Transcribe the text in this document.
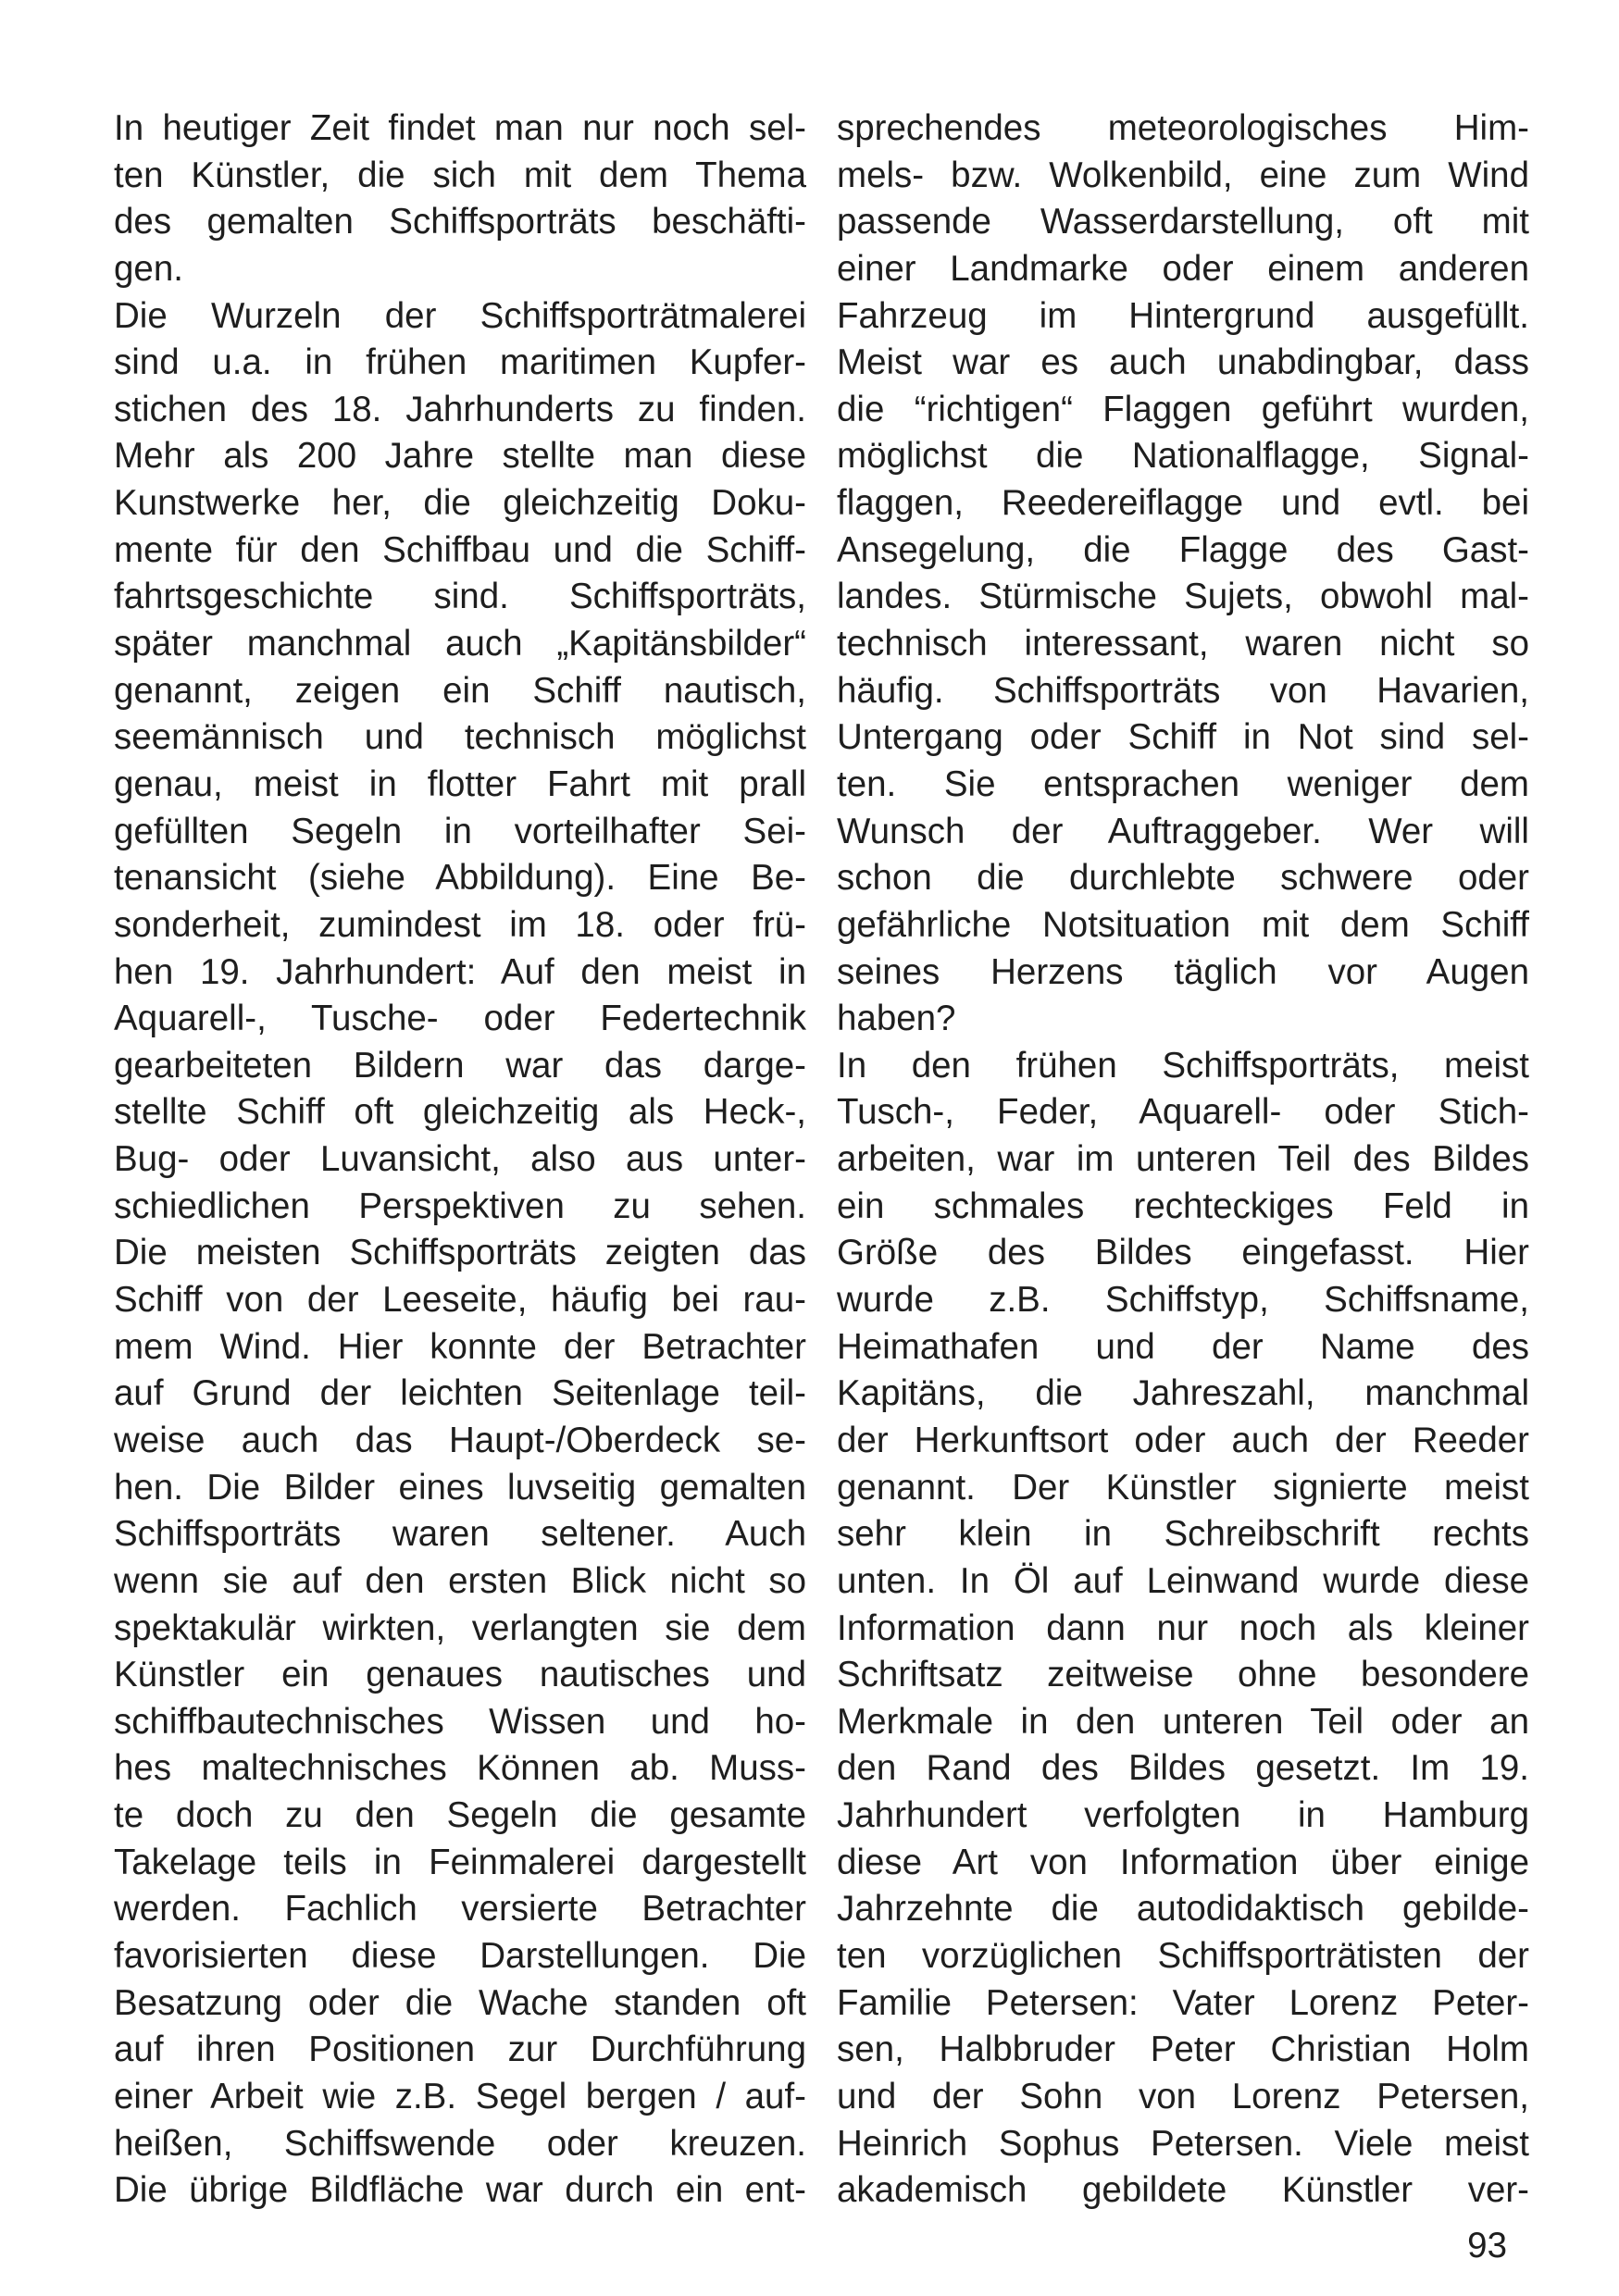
In heutiger Zeit findet man nur noch sel-
ten Künstler, die sich mit dem Thema
des gemalten Schiffsporträts beschäfti-
gen.
Die Wurzeln der Schiffsporträtmalerei
sind u.a. in frühen maritimen Kupfer-
stichen des 18. Jahrhunderts zu finden.
Mehr als 200 Jahre stellte man diese
Kunstwerke her, die gleichzeitig Doku-
mente für den Schiffbau und die Schiff-
fahrtsgeschichte sind. Schiffsporträts,
später manchmal auch „Kapitänsbilder“
genannt, zeigen ein Schiff nautisch,
seemännisch und technisch möglichst
genau, meist in flotter Fahrt mit prall
gefüllten Segeln in vorteilhafter Sei-
tenansicht (siehe Abbildung). Eine Be-
sonderheit, zumindest im 18. oder frü-
hen 19. Jahrhundert: Auf den meist in
Aquarell-, Tusche- oder Federtechnik
gearbeiteten Bildern war das darge-
stellte Schiff oft gleichzeitig als Heck-,
Bug- oder Luvansicht, also aus unter-
schiedlichen Perspektiven zu sehen.
Die meisten Schiffsporträts zeigten das
Schiff von der Leeseite, häufig bei rau-
mem Wind. Hier konnte der Betrachter
auf Grund der leichten Seitenlage teil-
weise auch das Haupt-/Oberdeck se-
hen. Die Bilder eines luvseitig gemalten
Schiffsporträts waren seltener. Auch
wenn sie auf den ersten Blick nicht so
spektakulär wirkten, verlangten sie dem
Künstler ein genaues nautisches und
schiffbautechnisches Wissen und ho-
hes maltechnisches Können ab. Muss-
te doch zu den Segeln die gesamte
Takelage teils in Feinmalerei dargestellt
werden. Fachlich versierte Betrachter
favorisierten diese Darstellungen. Die
Besatzung oder die Wache standen oft
auf ihren Positionen zur Durchführung
einer Arbeit wie z.B. Segel bergen / auf-
heißen, Schiffswende oder kreuzen.
Die übrige Bildfläche war durch ein ent-
sprechendes meteorologisches Him-
mels- bzw. Wolkenbild, eine zum Wind
passende Wasserdarstellung, oft mit
einer Landmarke oder einem anderen
Fahrzeug im Hintergrund ausgefüllt.
Meist war es auch unabdingbar, dass
die “richtigen“ Flaggen geführt wurden,
möglichst die Nationalflagge, Signal-
flaggen, Reedereiflagge und evtl. bei
Ansegelung, die Flagge des Gast-
landes. Stürmische Sujets, obwohl mal-
technisch interessant, waren nicht so
häufig. Schiffsporträts von Havarien,
Untergang oder Schiff in Not sind sel-
ten. Sie entsprachen weniger dem
Wunsch der Auftraggeber. Wer will
schon die durchlebte schwere oder
gefährliche Notsituation mit dem Schiff
seines Herzens täglich vor Augen
haben?
In den frühen Schiffsporträts, meist
Tusch-, Feder, Aquarell- oder Stich-
arbeiten, war im unteren Teil des Bildes
ein schmales rechteckiges Feld in
Größe des Bildes eingefasst. Hier
wurde z.B. Schiffstyp, Schiffsname,
Heimathafen und der Name des
Kapitäns, die Jahreszahl, manchmal
der Herkunftsort oder auch der Reeder
genannt. Der Künstler signierte meist
sehr klein in Schreibschrift rechts
unten. In Öl auf Leinwand wurde diese
Information dann nur noch als kleiner
Schriftsatz zeitweise ohne besondere
Merkmale in den unteren Teil oder an
den Rand des Bildes gesetzt. Im 19.
Jahrhundert verfolgten in Hamburg
diese Art von Information über einige
Jahrzehnte die autodidaktisch gebilde-
ten vorzüglichen Schiffsporträtisten der
Familie Petersen: Vater Lorenz Peter-
sen, Halbbruder Peter Christian Holm
und der Sohn von Lorenz Petersen,
Heinrich Sophus Petersen. Viele meist
akademisch gebildete Künstler ver-
93
